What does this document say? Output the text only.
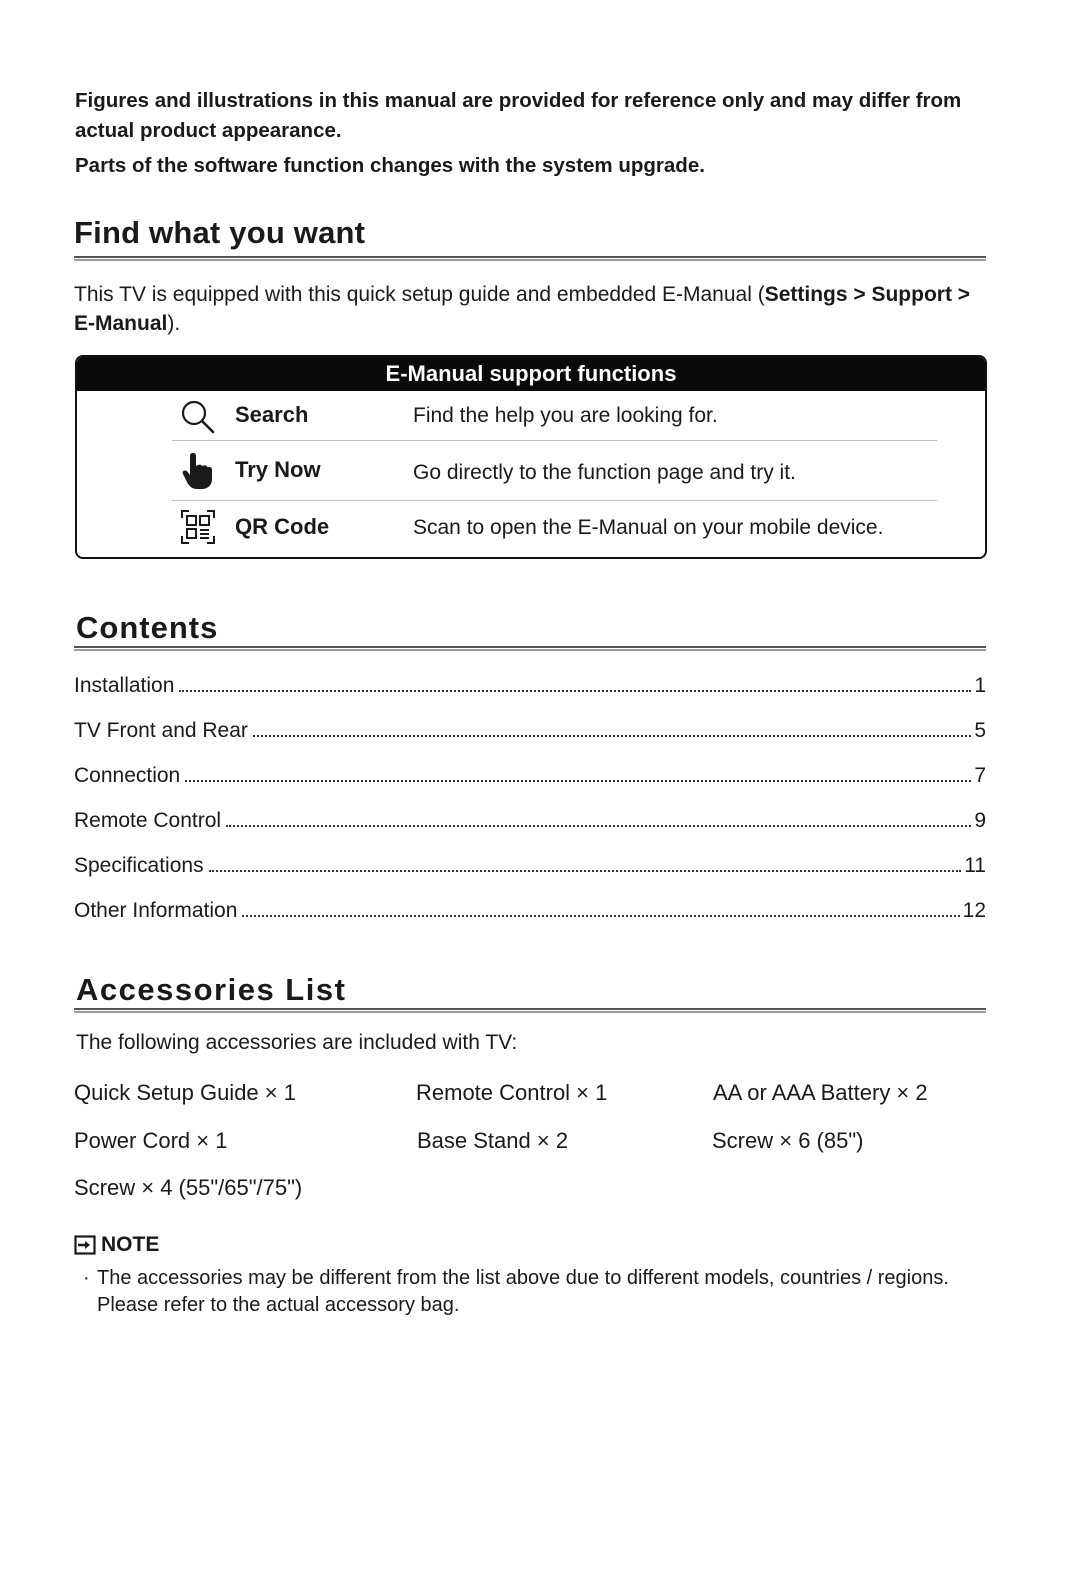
Figures and illustrations in this manual are provided for reference only and may differ from actual product appearance.
Parts of the software function changes with the system upgrade.
Find what you want
This TV is equipped with this quick setup guide and embedded E-Manual (Settings > Support > E-Manual).
E-Manual support functions
Search	Find the help you are looking for.
Try Now	Go directly to the function page and try it.
QR Code	Scan to open the E-Manual on your mobile device.
Contents
Installation	1
TV Front and Rear	5
Connection	7
Remote Control	9
Specifications	11
Other Information	12
Accessories List
The following accessories are included with TV:
Quick Setup Guide × 1	Remote Control × 1	AA or AAA Battery × 2
Power Cord × 1	Base Stand × 2	Screw × 6 (85")
Screw × 4 (55"/65"/75")
NOTE
· The accessories may be different from the list above due to different models, countries / regions. Please refer to the actual accessory bag.
